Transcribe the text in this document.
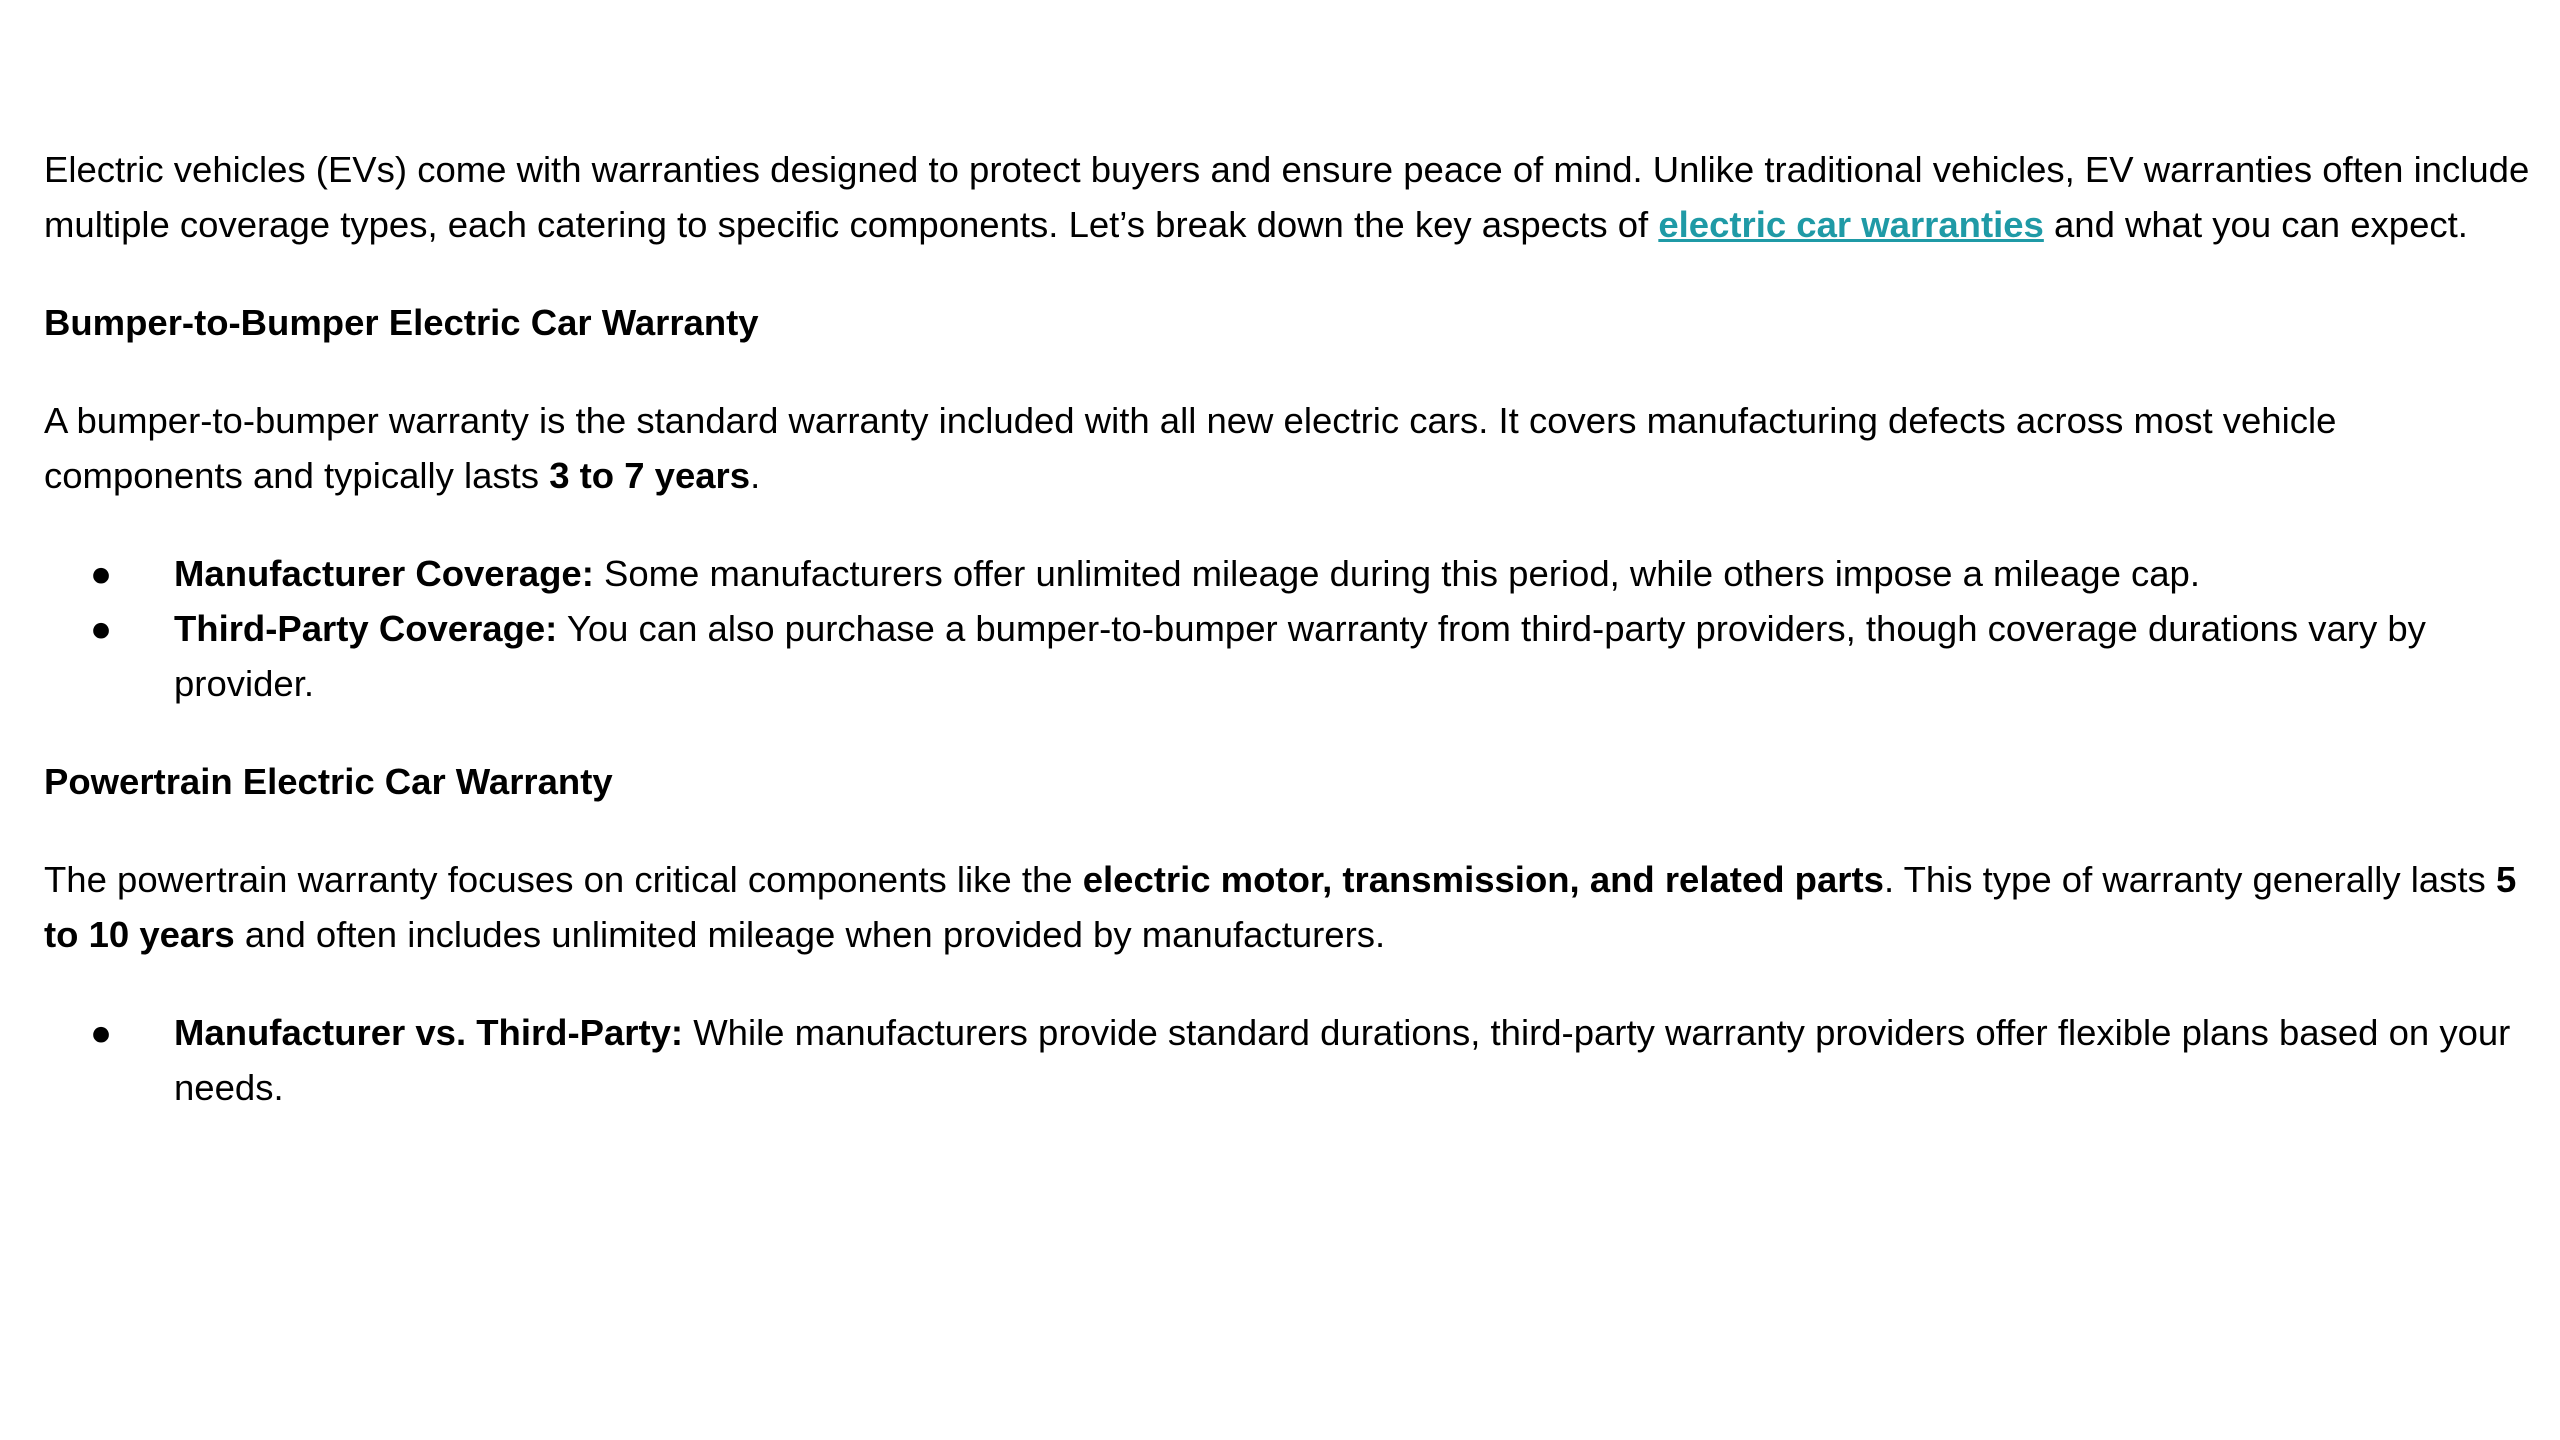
Electric vehicles (EVs) come with warranties designed to protect buyers and ensure peace of mind. Unlike traditional vehicles, EV warranties often include multiple coverage types, each catering to specific components. Let’s break down the key aspects of electric car warranties and what you can expect.

Bumper-to-Bumper Electric Car Warranty

A bumper-to-bumper warranty is the standard warranty included with all new electric cars. It covers manufacturing defects across most vehicle components and typically lasts 3 to 7 years.

● Manufacturer Coverage: Some manufacturers offer unlimited mileage during this period, while others impose a mileage cap.
● Third-Party Coverage: You can also purchase a bumper-to-bumper warranty from third-party providers, though coverage durations vary by provider.

Powertrain Electric Car Warranty

The powertrain warranty focuses on critical components like the electric motor, transmission, and related parts. This type of warranty generally lasts 5 to 10 years and often includes unlimited mileage when provided by manufacturers.

● Manufacturer vs. Third-Party: While manufacturers provide standard durations, third-party warranty providers offer flexible plans based on your needs.
